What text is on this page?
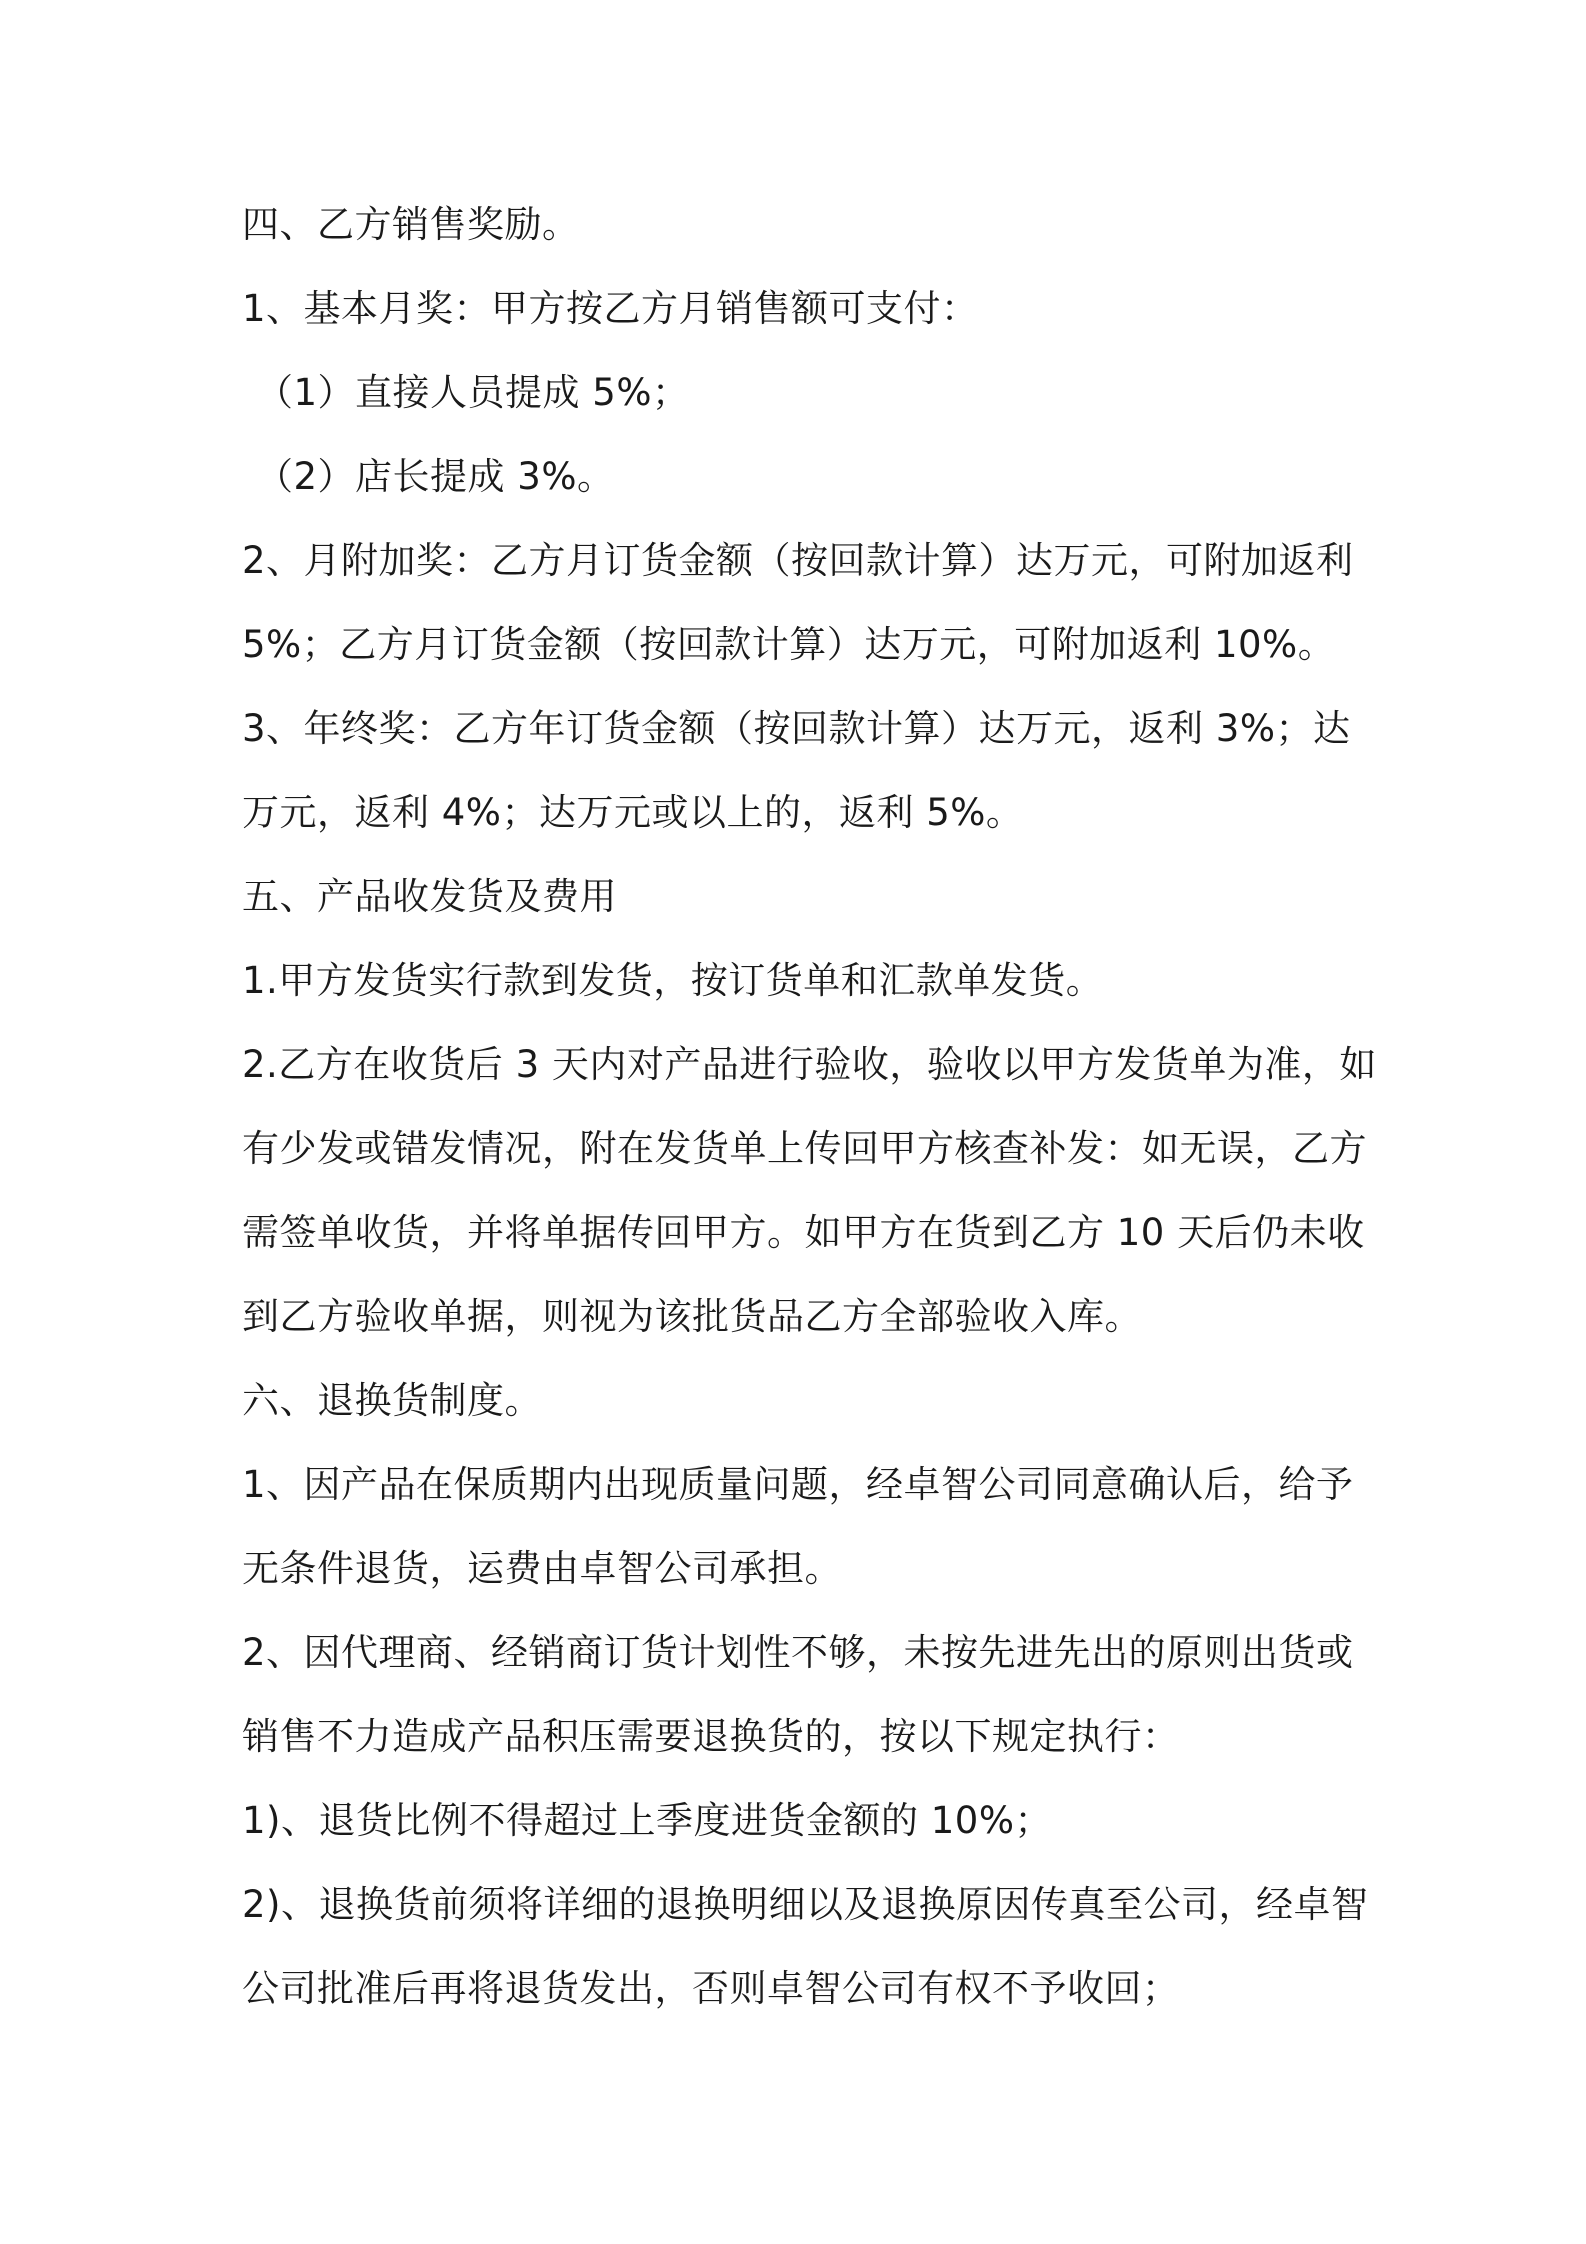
四、乙方销售奖励。
1、基本月奖：甲方按乙方月销售额可支付：
（1）直接人员提成 5%；
（2）店长提成 3%。
2、月附加奖：乙方月订货金额（按回款计算）达万元，可附加返利
5%；乙方月订货金额（按回款计算）达万元，可附加返利 10%。
3、年终奖：乙方年订货金额（按回款计算）达万元，返利 3%；达
万元，返利 4%；达万元或以上的，返利 5%。
五、产品收发货及费用
1.甲方发货实行款到发货，按订货单和汇款单发货。
2.乙方在收货后 3 天内对产品进行验收，验收以甲方发货单为准，如
有少发或错发情况，附在发货单上传回甲方核查补发：如无误，乙方
需签单收货，并将单据传回甲方。如甲方在货到乙方 10 天后仍未收
到乙方验收单据，则视为该批货品乙方全部验收入库。
六、退换货制度。
1、因产品在保质期内出现质量问题，经卓智公司同意确认后，给予
无条件退货，运费由卓智公司承担。
2、因代理商、经销商订货计划性不够，未按先进先出的原则出货或
销售不力造成产品积压需要退换货的，按以下规定执行：
1)、退货比例不得超过上季度进货金额的 10%；
2)、退换货前须将详细的退换明细以及退换原因传真至公司，经卓智
公司批准后再将退货发出，否则卓智公司有权不予收回；
